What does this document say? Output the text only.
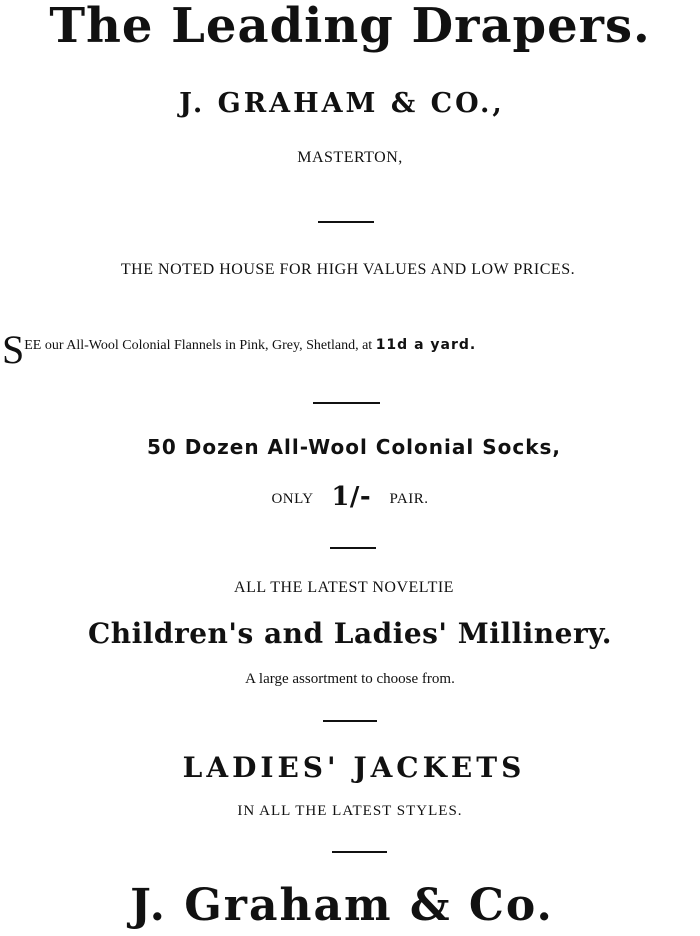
The Leading Drapers.
J. GRAHAM & CO.,
MASTERTON,
THE NOTED HOUSE FOR HIGH VALUES AND LOW PRICES.
SEE our All-Wool Colonial Flannels in Pink, Grey, Shetland, at 11d a yard.
50 Dozen All-Wool Colonial Socks,
ONLY 1/- PAIR.
ALL THE LATEST NOVELTIE
Children's and Ladies' Millinery.
A large assortment to choose from.
LADIES' JACKETS
IN ALL THE LATEST STYLES.
J. Graham & Co.
